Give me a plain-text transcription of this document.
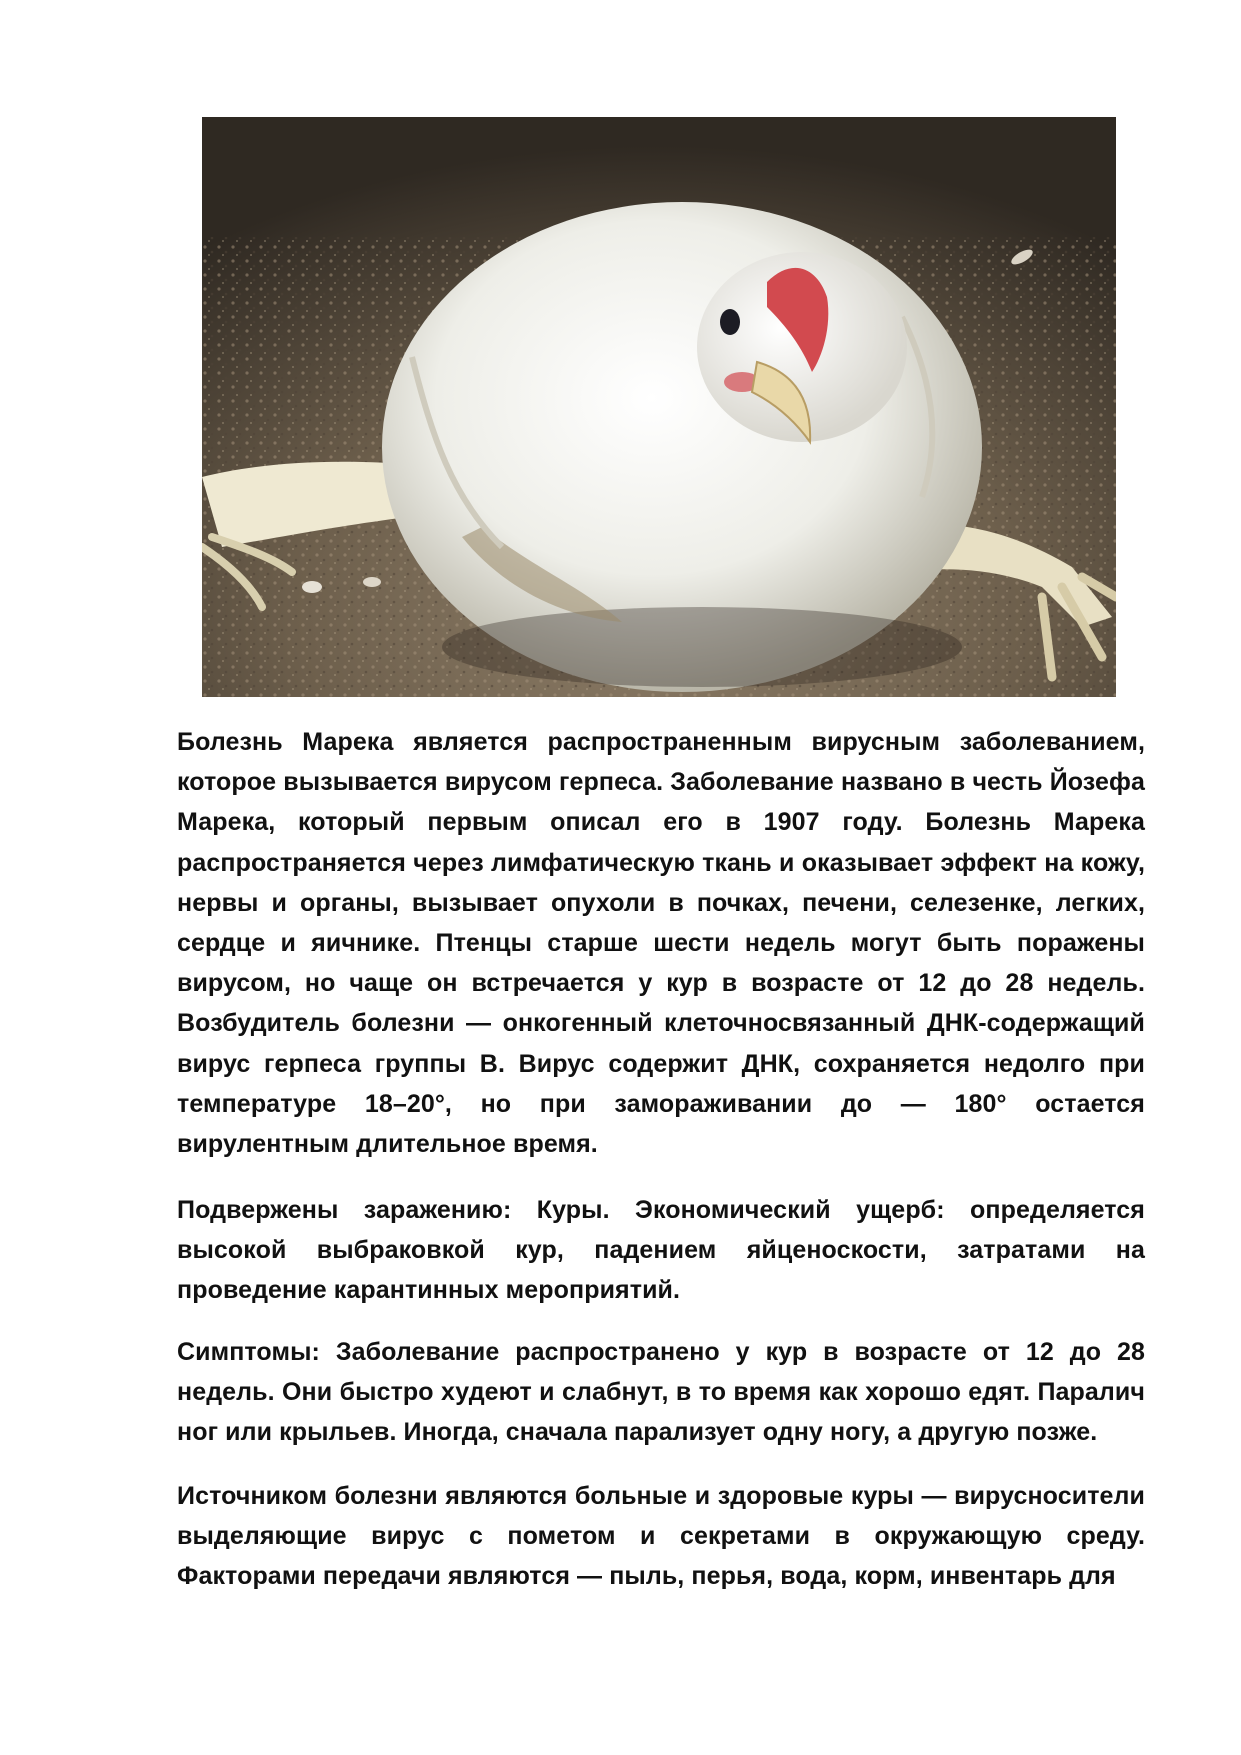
Болезнь Марека является распространенным вирусным заболеванием, которое вызывается вирусом герпеса. Заболевание названо в честь Йозефа Марека, который первым описал его в 1907 году. Болезнь Марека распространяется через лимфатическую ткань и оказывает эффект на кожу, нервы и органы, вызывает опухоли в почках, печени, селезенке, легких, сердце и яичнике. Птенцы старше шести недель могут быть поражены вирусом, но чаще он встречается у кур в возрасте от 12 до 28 недель. Возбудитель болезни — онкогенный клеточносвязанный ДНК-содержащий вирус герпеса группы В. Вирус содержит ДНК, сохраняется недолго при температуре 18–20°, но при замораживании до — 180° остается вирулентным длительное время.

Подвержены заражению: Куры. Экономический ущерб: определяется высокой выбраковкой кур, падением яйценоскости, затратами на проведение карантинных мероприятий.

Симптомы: Заболевание распространено у кур в возрасте от 12 до 28 недель. Они быстро худеют и слабнут, в то время как хорошо едят. Паралич ног или крыльев. Иногда, сначала парализует одну ногу, а другую позже.

Источником болезни являются больные и здоровые куры — вирусносители выделяющие вирус с пометом и секретами в окружающую среду. Факторами передачи являются — пыль, перья, вода, корм, инвентарь для
